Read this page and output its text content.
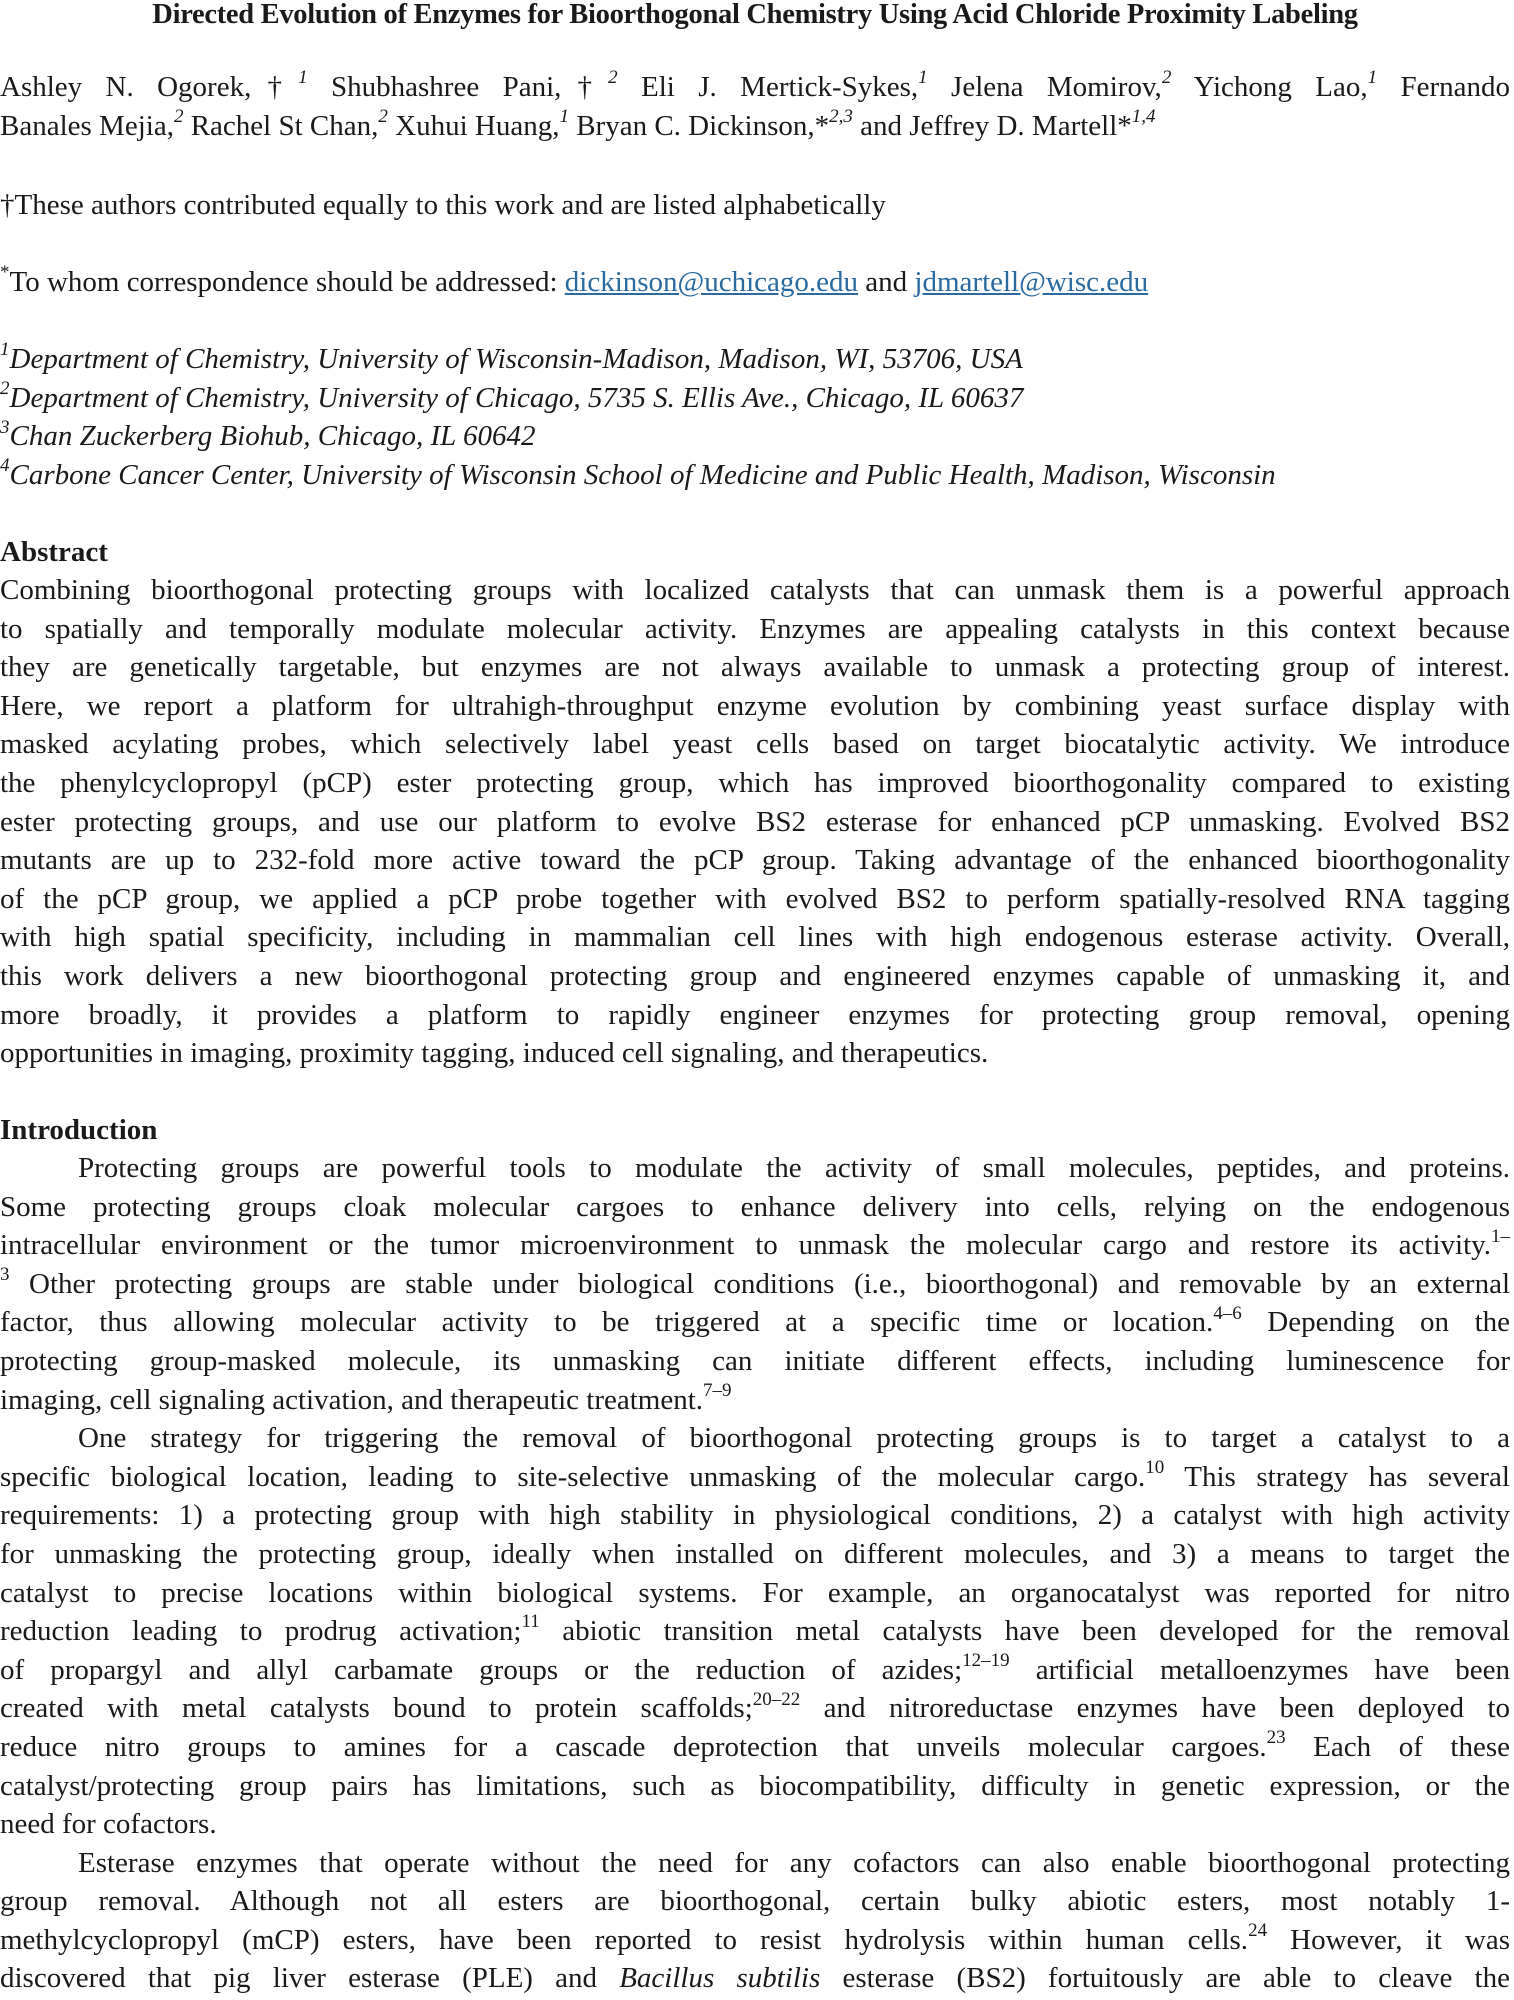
Directed Evolution of Enzymes for Bioorthogonal Chemistry Using Acid Chloride Proximity Labeling
Ashley N. Ogorek,†$^1$ Shubhashree Pani,†$^2$ Eli J. Mertick-Sykes,$^1$ Jelena Momirov,$^2$ Yichong Lao,$^1$ Fernando
Banales Mejia,$^2$ Rachel St Chan,$^2$ Xuhui Huang,$^1$ Bryan C. Dickinson,*$^{2,3}$ and Jeffrey D. Martell*$^{1,4}$
†These authors contributed equally to this work and are listed alphabetically
*To whom correspondence should be addressed: dickinson@uchicago.edu and jdmartell@wisc.edu
$^1$Department of Chemistry, University of Wisconsin-Madison, Madison, WI, 53706, USA
$^2$Department of Chemistry, University of Chicago, 5735 S. Ellis Ave., Chicago, IL 60637
$^3$Chan Zuckerberg Biohub, Chicago, IL 60642
$^4$Carbone Cancer Center, University of Wisconsin School of Medicine and Public Health, Madison, Wisconsin
Abstract
Combining bioorthogonal protecting groups with localized catalysts that can unmask them is a powerful approach
to spatially and temporally modulate molecular activity. Enzymes are appealing catalysts in this context because
they are genetically targetable, but enzymes are not always available to unmask a protecting group of interest.
Here, we report a platform for ultrahigh-throughput enzyme evolution by combining yeast surface display with
masked acylating probes, which selectively label yeast cells based on target biocatalytic activity. We introduce
the phenylcyclopropyl (pCP) ester protecting group, which has improved bioorthogonality compared to existing
ester protecting groups, and use our platform to evolve BS2 esterase for enhanced pCP unmasking. Evolved BS2
mutants are up to 232-fold more active toward the pCP group. Taking advantage of the enhanced bioorthogonality
of the pCP group, we applied a pCP probe together with evolved BS2 to perform spatially-resolved RNA tagging
with high spatial specificity, including in mammalian cell lines with high endogenous esterase activity. Overall,
this work delivers a new bioorthogonal protecting group and engineered enzymes capable of unmasking it, and
more broadly, it provides a platform to rapidly engineer enzymes for protecting group removal, opening
opportunities in imaging, proximity tagging, induced cell signaling, and therapeutics.
Introduction
Protecting groups are powerful tools to modulate the activity of small molecules, peptides, and proteins.
Some protecting groups cloak molecular cargoes to enhance delivery into cells, relying on the endogenous
intracellular environment or the tumor microenvironment to unmask the molecular cargo and restore its activity.$^{1-}$
$^3$ Other protecting groups are stable under biological conditions (i.e., bioorthogonal) and removable by an external
factor, thus allowing molecular activity to be triggered at a specific time or location.$^{4-6}$ Depending on the
protecting group-masked molecule, its unmasking can initiate different effects, including luminescence for
imaging, cell signaling activation, and therapeutic treatment.$^{7-9}$
One strategy for triggering the removal of bioorthogonal protecting groups is to target a catalyst to a
specific biological location, leading to site-selective unmasking of the molecular cargo.$^{10}$ This strategy has several
requirements: 1) a protecting group with high stability in physiological conditions, 2) a catalyst with high activity
for unmasking the protecting group, ideally when installed on different molecules, and 3) a means to target the
catalyst to precise locations within biological systems. For example, an organocatalyst was reported for nitro
reduction leading to prodrug activation;$^{11}$ abiotic transition metal catalysts have been developed for the removal
of propargyl and allyl carbamate groups or the reduction of azides;$^{12-19}$ artificial metalloenzymes have been
created with metal catalysts bound to protein scaffolds;$^{20-22}$ and nitroreductase enzymes have been deployed to
reduce nitro groups to amines for a cascade deprotection that unveils molecular cargoes.$^{23}$ Each of these
catalyst/protecting group pairs has limitations, such as biocompatibility, difficulty in genetic expression, or the
need for cofactors.
Esterase enzymes that operate without the need for any cofactors can also enable bioorthogonal protecting
group removal. Although not all esters are bioorthogonal, certain bulky abiotic esters, most notably 1-
methylcyclopropyl (mCP) esters, have been reported to resist hydrolysis within human cells.$^{24}$ However, it was
discovered that pig liver esterase (PLE) and Bacillus subtilis esterase (BS2) fortuitously are able to cleave the
